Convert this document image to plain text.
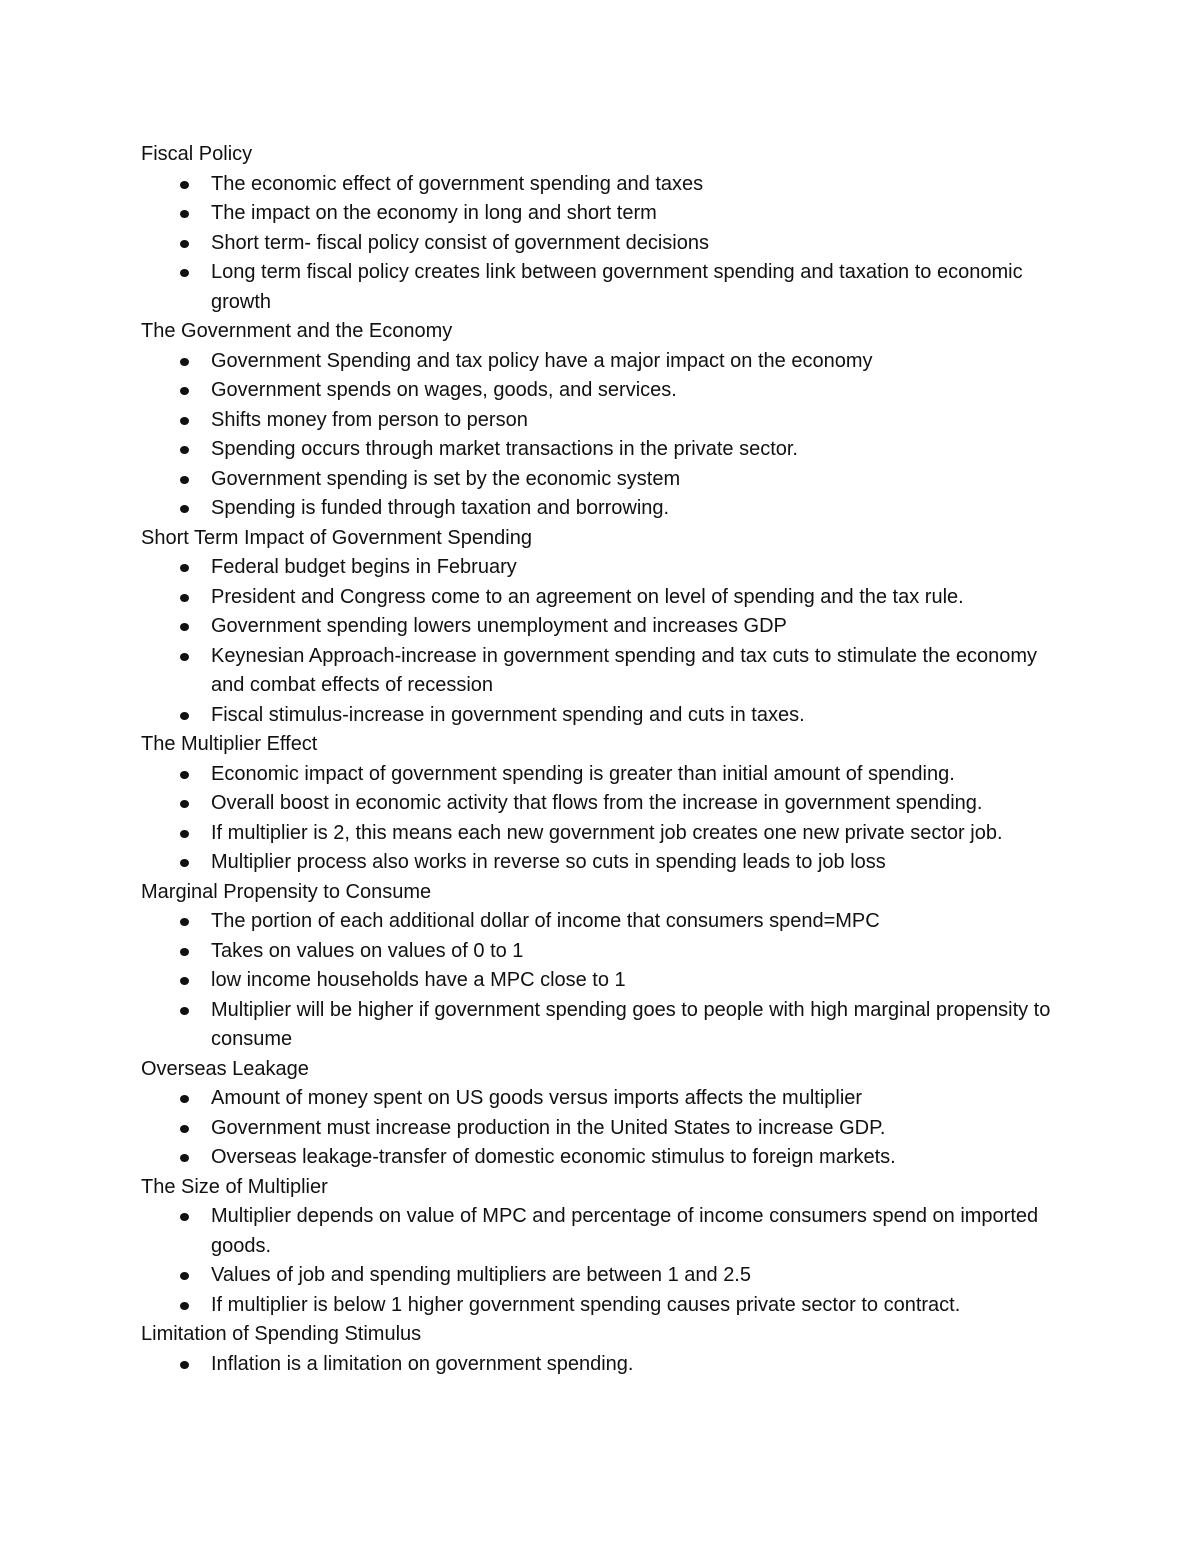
Fiscal Policy
The economic effect of government spending and taxes
The impact on the economy in long and short term
Short term- fiscal policy consist of government decisions
Long term fiscal policy creates link between government spending and taxation to economic growth
The Government and the Economy
Government Spending and tax policy have a major impact on the economy
Government spends on wages, goods, and services.
Shifts money from person to person
Spending occurs through market transactions in the private sector.
Government spending is set by the economic system
Spending is funded through taxation and borrowing.
Short Term Impact of Government Spending
Federal budget begins in February
President and Congress come to an agreement on level of spending and the tax rule.
Government spending lowers unemployment and increases GDP
Keynesian Approach-increase in government spending and tax cuts to stimulate the economy and combat effects of recession
Fiscal stimulus-increase in government spending and cuts in taxes.
The Multiplier Effect
Economic impact of government spending is greater than initial amount of spending.
Overall boost in economic activity that flows from the increase in government spending.
If multiplier is 2, this means each new government job creates one new private sector job.
Multiplier process also works in reverse so cuts in spending leads to job loss
Marginal Propensity to Consume
The portion of each additional dollar of income that consumers spend=MPC
Takes on values on values of 0 to 1
low income households have a MPC close to 1
Multiplier will be higher if government spending goes to people with high marginal propensity to consume
Overseas Leakage
Amount of money spent on US goods versus imports affects the multiplier
Government must increase production in the United States to increase GDP.
Overseas leakage-transfer of domestic economic stimulus to foreign markets.
The Size of Multiplier
Multiplier depends on value of MPC and percentage of income consumers spend on imported goods.
Values of job and spending multipliers are between 1 and 2.5
If multiplier is below 1 higher government spending causes private sector to contract.
Limitation of Spending Stimulus
Inflation is a limitation on government spending.
